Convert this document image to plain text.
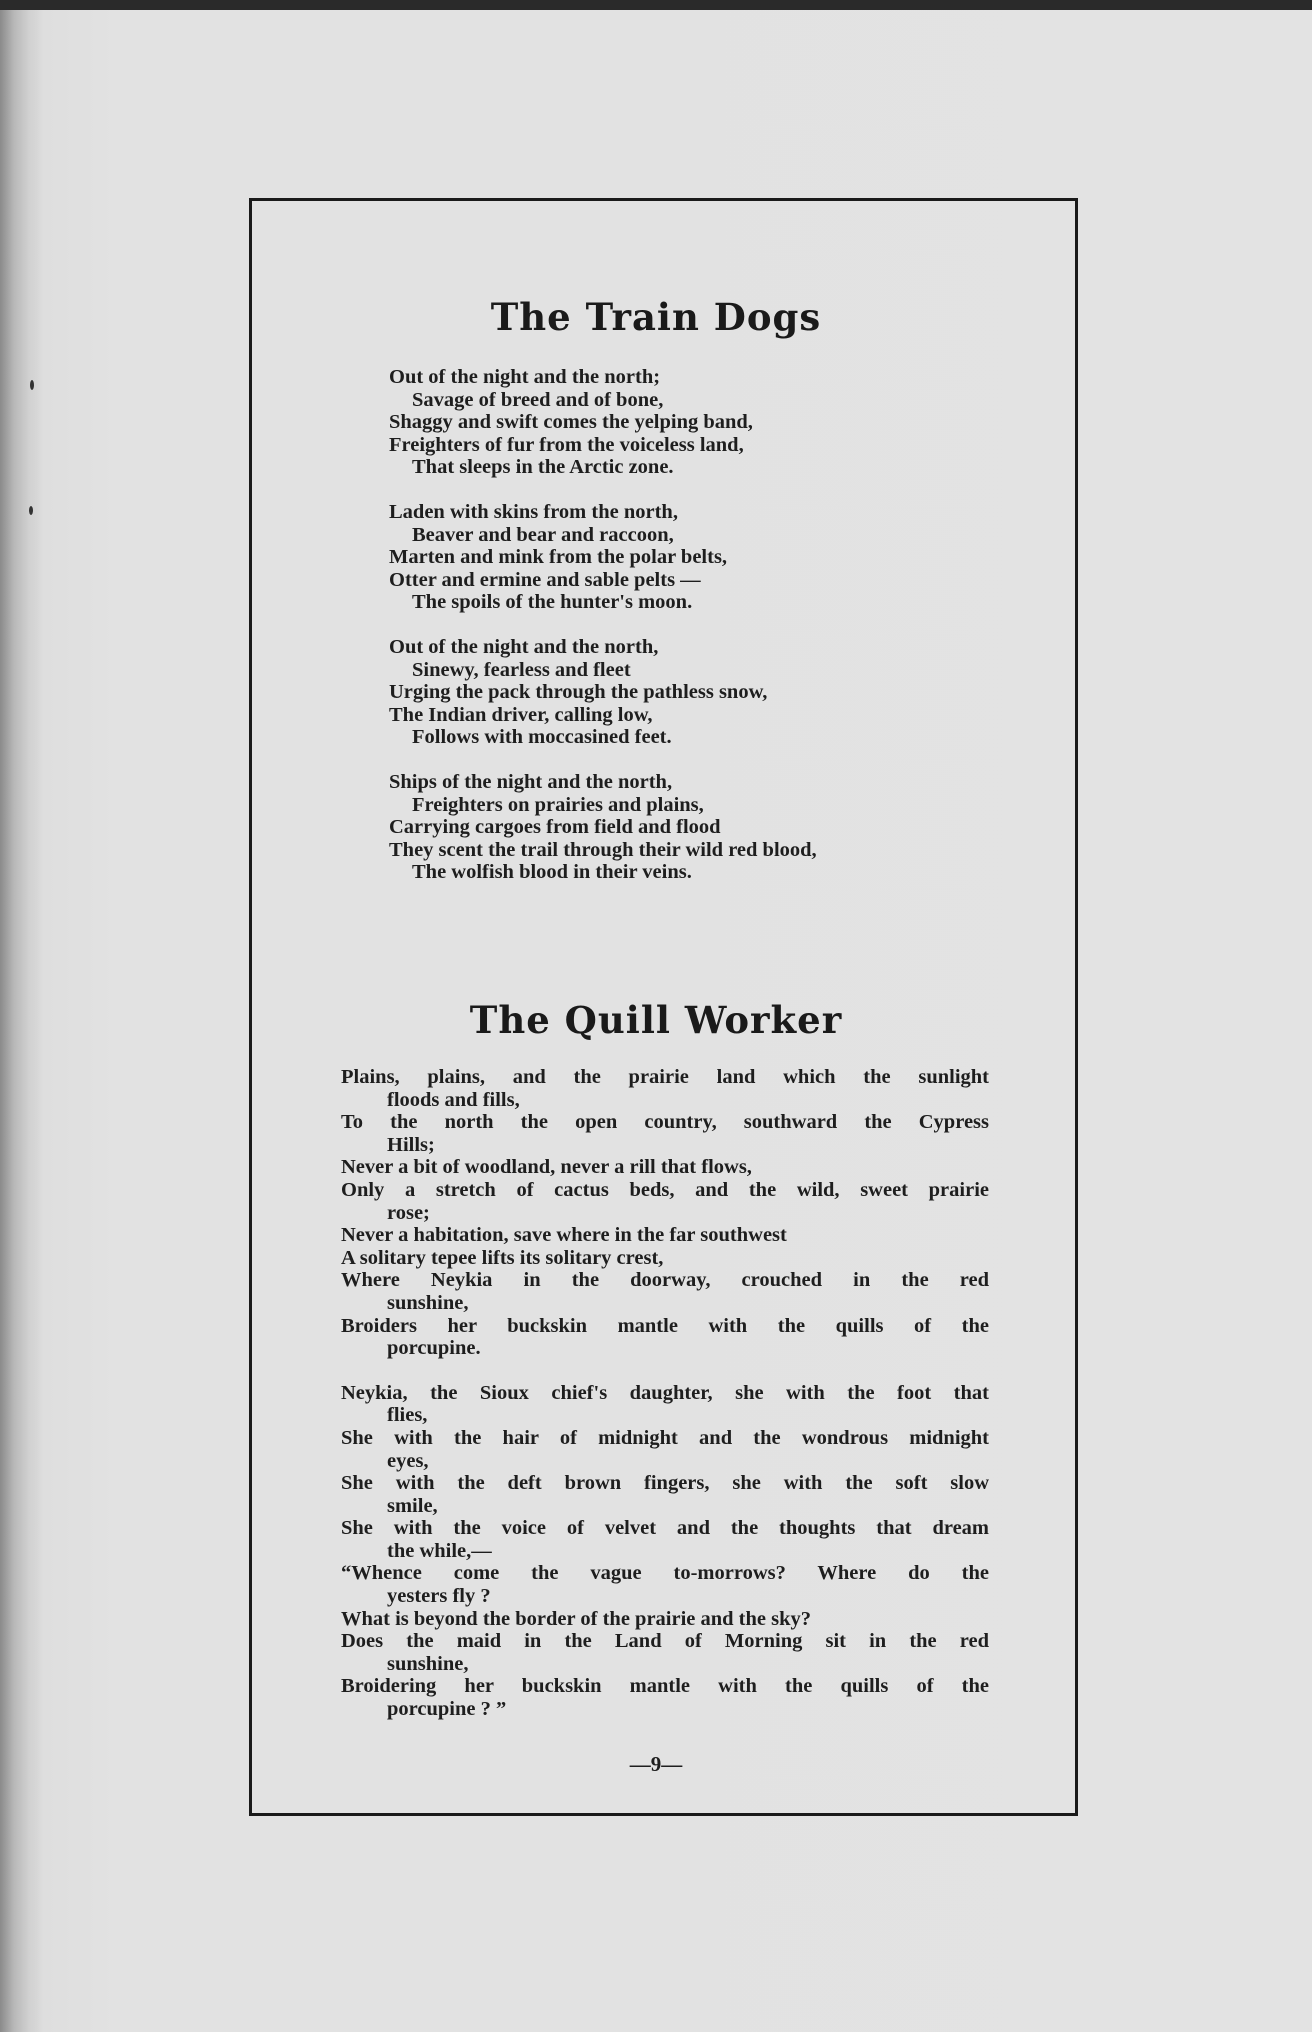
The Train Dogs
Out of the night and the north;
Savage of breed and of bone,
Shaggy and swift comes the yelping band,
Freighters of fur from the voiceless land,
That sleeps in the Arctic zone.
Laden with skins from the north,
Beaver and bear and raccoon,
Marten and mink from the polar belts,
Otter and ermine and sable pelts —
The spoils of the hunter's moon.
Out of the night and the north,
Sinewy, fearless and fleet
Urging the pack through the pathless snow,
The Indian driver, calling low,
Follows with moccasined feet.
Ships of the night and the north,
Freighters on prairies and plains,
Carrying cargoes from field and flood
They scent the trail through their wild red blood,
The wolfish blood in their veins.
The Quill Worker
Plains, plains, and the prairie land which the sunlight
floods and fills,
To the north the open country, southward the Cypress
Hills;
Never a bit of woodland, never a rill that flows,
Only a stretch of cactus beds, and the wild, sweet prairie
rose;
Never a habitation, save where in the far southwest
A solitary tepee lifts its solitary crest,
Where Neykia in the doorway, crouched in the red
sunshine,
Broiders her buckskin mantle with the quills of the
porcupine.
Neykia, the Sioux chief's daughter, she with the foot that
flies,
She with the hair of midnight and the wondrous midnight
eyes,
She with the deft brown fingers, she with the soft slow
smile,
She with the voice of velvet and the thoughts that dream
the while,—
“Whence come the vague to-morrows? Where do the
yesters fly ?
What is beyond the border of the prairie and the sky?
Does the maid in the Land of Morning sit in the red
sunshine,
Broidering her buckskin mantle with the quills of the
porcupine ? ”
—9—
